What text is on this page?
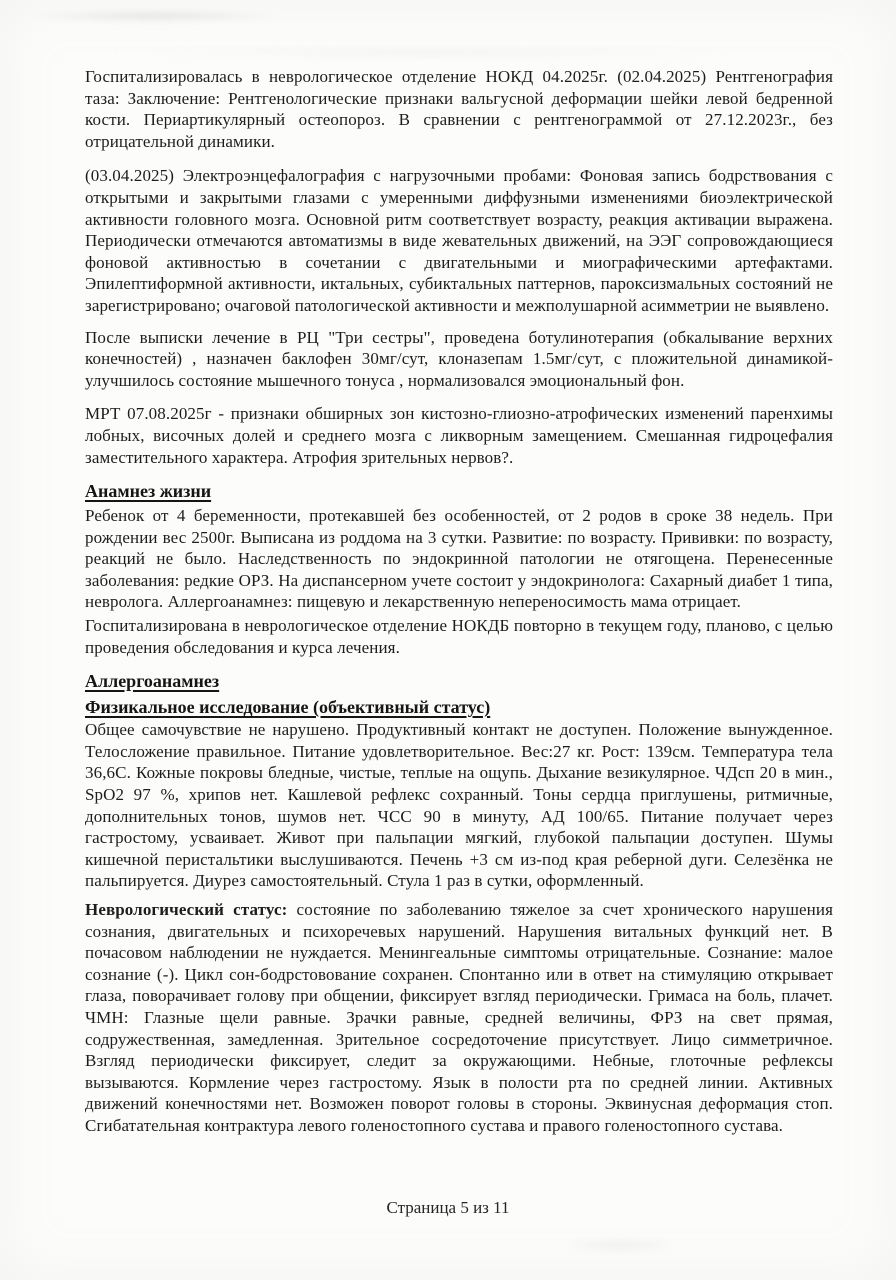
Госпитализировалась в неврологическое отделение НОКД 04.2025г. (02.04.2025) Рентгенография таза: Заключение: Рентгенологические признаки вальгусной деформации шейки левой бедренной кости. Периартикулярный остеопороз. В сравнении с рентгенограммой от 27.12.2023г., без отрицательной динамики.

(03.04.2025) Электроэнцефалография с нагрузочными пробами: Фоновая запись бодрствования с открытыми и закрытыми глазами с умеренными диффузными изменениями биоэлектрической активности головного мозга. Основной ритм соответствует возрасту, реакция активации выражена. Периодически отмечаются автоматизмы в виде жевательных движений, на ЭЭГ сопровождающиеся фоновой активностью в сочетании с двигательными и миографическими артефактами. Эпилептиформной активности, иктальных, субиктальных паттернов, пароксизмальных состояний не зарегистрировано; очаговой патологической активности и межполушарной асимметрии не выявлено.

После выписки лечение в РЦ "Три сестры", проведена ботулинотерапия (обкалывание верхних конечностей) , назначен баклофен 30мг/сут, клоназепам 1.5мг/сут, с пложительной динамикой- улучшилось состояние мышечного тонуса , нормализовался эмоциональный фон.

МРТ 07.08.2025г - признаки обширных зон кистозно-глиозно-атрофических изменений паренхимы лобных, височных долей и среднего мозга с ликворным замещением. Смешанная гидроцефалия заместительного характера. Атрофия зрительных нервов?.

Анамнез жизни

Ребенок от 4 беременности, протекавшей без особенностей, от 2 родов в сроке 38 недель. При рождении вес 2500г. Выписана из роддома на 3 сутки. Развитие: по возрасту. Прививки: по возрасту, реакций не было. Наследственность по эндокринной патологии не отягощена. Перенесенные заболевания: редкие ОРЗ. На диспансерном учете состоит у эндокринолога: Сахарный диабет 1 типа, невролога. Аллергоанамнез: пищевую и лекарственную непереносимость мама отрицает.

Госпитализирована в неврологическое отделение НОКДБ повторно в текущем году, планово, с целью проведения обследования и курса лечения.

Аллергоанамнез
Физикальное исследование (объективный статус)

Общее самочувствие не нарушено. Продуктивный контакт не доступен. Положение вынужденное. Телосложение правильное. Питание удовлетворительное. Вес:27 кг. Рост: 139см. Температура тела 36,6С. Кожные покровы бледные, чистые, теплые на ощупь. Дыхание везикулярное. ЧДсп 20 в мин., SpO2 97 %, хрипов нет. Кашлевой рефлекс сохранный. Тоны сердца приглушены, ритмичные, дополнительных тонов, шумов нет. ЧСС 90 в минуту, АД 100/65. Питание получает через гастростому, усваивает. Живот при пальпации мягкий, глубокой пальпации доступен. Шумы кишечной перистальтики выслушиваются. Печень +3 см из-под края реберной дуги. Селезёнка не пальпируется. Диурез самостоятельный. Стула 1 раз в сутки, оформленный.

Неврологический статус: состояние по заболеванию тяжелое за счет хронического нарушения сознания, двигательных и психоречевых нарушений. Нарушения витальных функций нет. В почасовом наблюдении не нуждается. Менингеальные симптомы отрицательные. Сознание: малое сознание (-). Цикл сон-бодрстовование сохранен. Спонтанно или в ответ на стимуляцию открывает глаза, поворачивает голову при общении, фиксирует взгляд периодически. Гримаса на боль, плачет. ЧМН: Глазные щели равные. Зрачки равные, средней величины, ФРЗ на свет прямая, содружественная, замедленная. Зрительное сосредоточение присутствует. Лицо симметричное. Взгляд периодически фиксирует, следит за окружающими. Небные, глоточные рефлексы вызываются. Кормление через гастростому. Язык в полости рта по средней линии. Активных движений конечностями нет. Возможен поворот головы в стороны. Эквинусная деформация стоп. Сгибатательная контрактура левого голеностопного сустава и правого голеностопного сустава.

Страница 5 из 11
